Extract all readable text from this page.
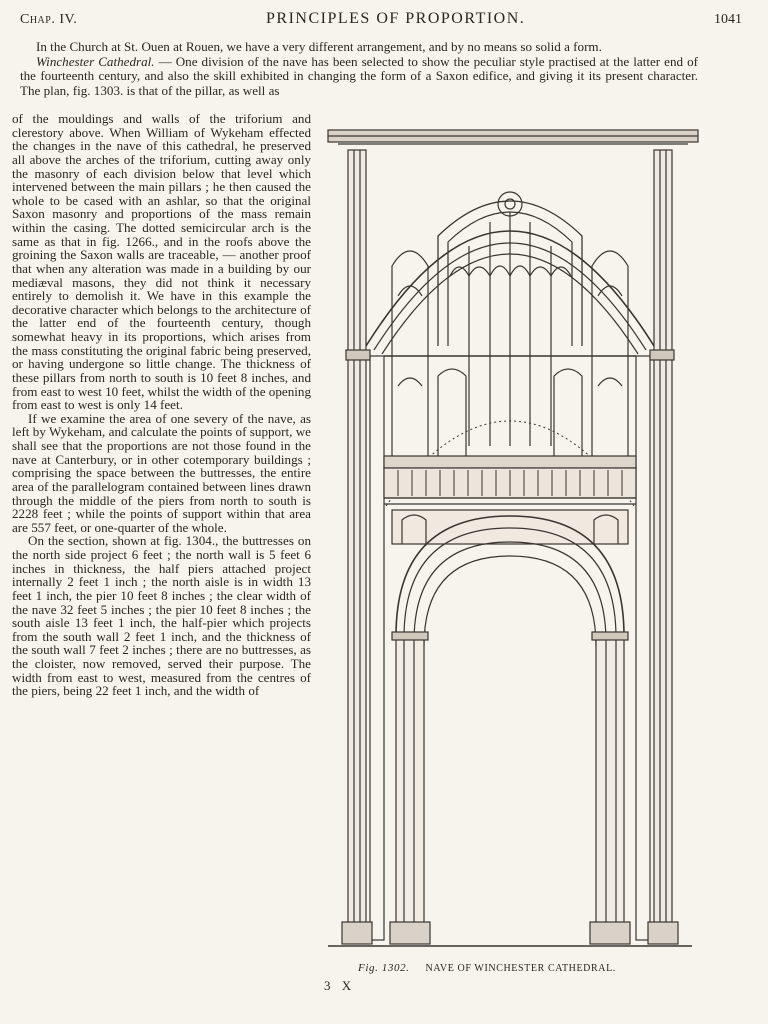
Chap. IV.	PRINCIPLES OF PROPORTION.	1041

In the Church at St. Ouen at Rouen, we have a very different arrangement, and by no means so solid a form.

Winchester Cathedral. — One division of the nave has been selected to show the peculiar style practised at the latter end of the fourteenth century, and also the skill exhibited in changing the form of a Saxon edifice, and giving it its present character. The plan, fig. 1303. is that of the pillar, as well as

of the mouldings and walls of the triforium and clerestory above. When William of Wykeham effected the changes in the nave of this cathedral, he preserved all above the arches of the triforium, cutting away only the masonry of each division below that level which intervened between the main pillars ; he then caused the whole to be cased with an ashlar, so that the original Saxon masonry and proportions of the mass remain within the casing. The dotted semicircular arch is the same as that in fig. 1266., and in the roofs above the groining the Saxon walls are traceable, — another proof that when any alteration was made in a building by our mediæval masons, they did not think it necessary entirely to demolish it. We have in this example the decorative character which belongs to the architecture of the latter end of the fourteenth century, though somewhat heavy in its proportions, which arises from the mass constituting the original fabric being preserved, or having undergone so little change. The thickness of these pillars from north to south is 10 feet 8 inches, and from east to west 10 feet, whilst the width of the opening from east to west is only 14 feet.

If we examine the area of one severy of the nave, as left by Wykeham, and calculate the points of support, we shall see that the proportions are not those found in the nave at Canterbury, or in other cotemporary buildings ; comprising the space between the buttresses, the entire area of the parallelogram contained between lines drawn through the middle of the piers from north to south is 2228 feet ; while the points of support within that area are 557 feet, or one-quarter of the whole.

On the section, shown at fig. 1304., the buttresses on the north side project 6 feet ; the north wall is 5 feet 6 inches in thickness, the half piers attached project internally 2 feet 1 inch ; the north aisle is in width 13 feet 1 inch, the pier 10 feet 8 inches ; the clear width of the nave 32 feet 5 inches ; the pier 10 feet 8 inches ; the south aisle 13 feet 1 inch, the half-pier which projects from the south wall 2 feet 1 inch, and the thickness of the south wall 7 feet 2 inches ; there are no buttresses, as the cloister, now removed, served their purpose. The width from east to west, measured from the centres of the piers, being 22 feet 1 inch, and the width of

Fig. 1302. NAVE OF WINCHESTER CATHEDRAL.
3 X
